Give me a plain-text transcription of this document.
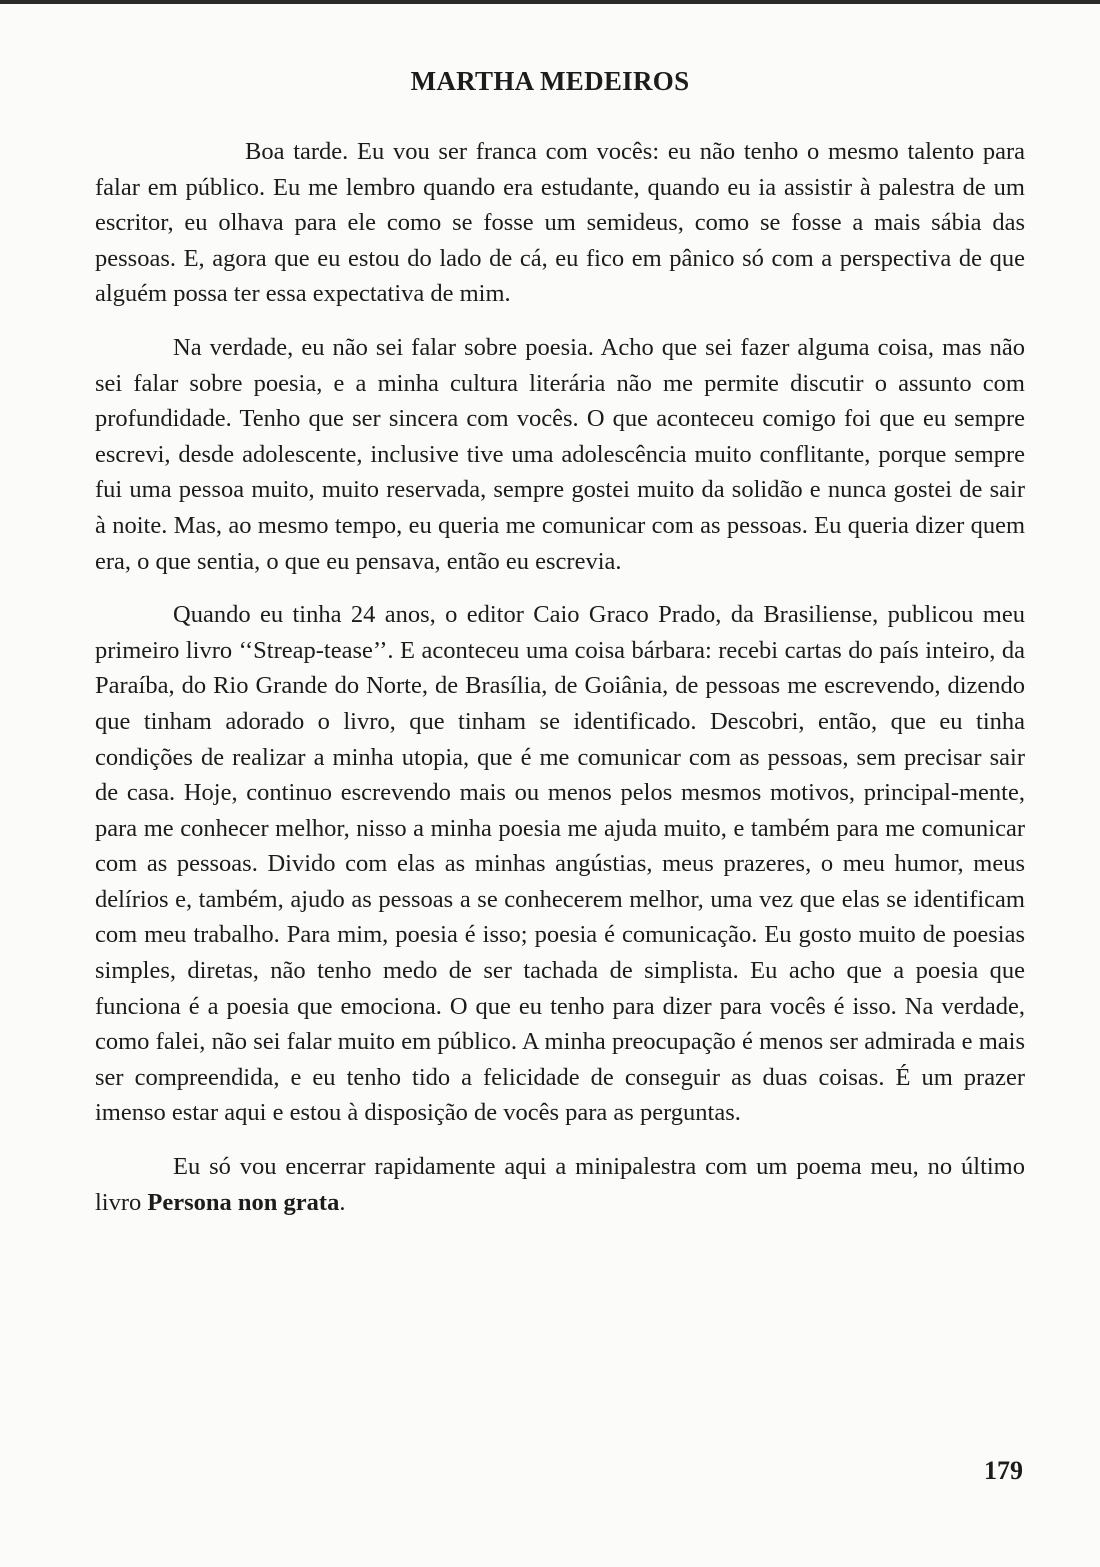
MARTHA MEDEIROS

Boa tarde. Eu vou ser franca com vocês: eu não tenho o mesmo talento para falar em público. Eu me lembro quando era estudante, quando eu ia assistir à palestra de um escritor, eu olhava para ele como se fosse um semideus, como se fosse a mais sábia das pessoas. E, agora que eu estou do lado de cá, eu fico em pânico só com a perspectiva de que alguém possa ter essa expectativa de mim.

Na verdade, eu não sei falar sobre poesia. Acho que sei fazer alguma coisa, mas não sei falar sobre poesia, e a minha cultura literária não me permite discutir o assunto com profundidade. Tenho que ser sincera com vocês. O que aconteceu comigo foi que eu sempre escrevi, desde adolescente, inclusive tive uma adolescência muito conflitante, porque sempre fui uma pessoa muito, muito reservada, sempre gostei muito da solidão e nunca gostei de sair à noite. Mas, ao mesmo tempo, eu queria me comunicar com as pessoas. Eu queria dizer quem era, o que sentia, o que eu pensava, então eu escrevia.

Quando eu tinha 24 anos, o editor Caio Graco Prado, da Brasiliense, publicou meu primeiro livro ‘‘Streap-tease’’. E aconteceu uma coisa bárbara: recebi cartas do país inteiro, da Paraíba, do Rio Grande do Norte, de Brasília, de Goiânia, de pessoas me escrevendo, dizendo que tinham adorado o livro, que tinham se identificado. Descobri, então, que eu tinha condições de realizar a minha utopia, que é me comunicar com as pessoas, sem precisar sair de casa. Hoje, continuo escrevendo mais ou menos pelos mesmos motivos, principal-mente, para me conhecer melhor, nisso a minha poesia me ajuda muito, e também para me comunicar com as pessoas. Divido com elas as minhas angústias, meus prazeres, o meu humor, meus delírios e, também, ajudo as pessoas a se conhecerem melhor, uma vez que elas se identificam com meu trabalho. Para mim, poesia é isso; poesia é comunicação. Eu gosto muito de poesias simples, diretas, não tenho medo de ser tachada de simplista. Eu acho que a poesia que funciona é a poesia que emociona. O que eu tenho para dizer para vocês é isso. Na verdade, como falei, não sei falar muito em público. A minha preocupação é menos ser admirada e mais ser compreendida, e eu tenho tido a felicidade de conseguir as duas coisas. É um prazer imenso estar aqui e estou à disposição de vocês para as perguntas.

Eu só vou encerrar rapidamente aqui a minipalestra com um poema meu, no último livro Persona non grata.

179
